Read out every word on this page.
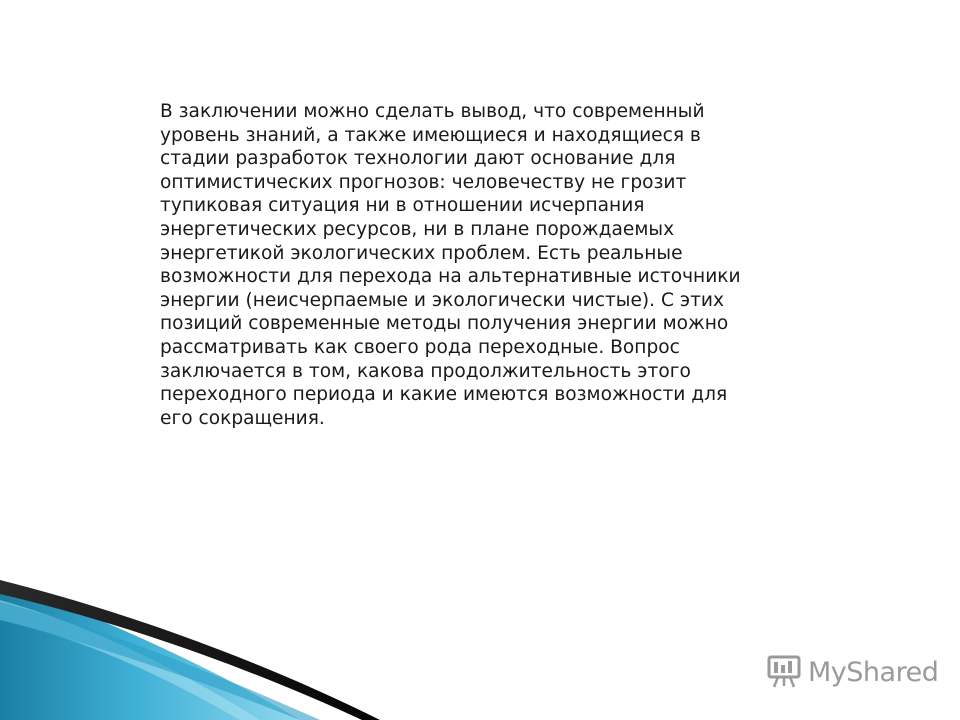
В заключении можно сделать вывод, что современный
уровень знаний, а также имеющиеся и находящиеся в
стадии разработок технологии дают основание для
оптимистических прогнозов: человечеству не грозит
тупиковая ситуация ни в отношении исчерпания
энергетических ресурсов, ни в плане порождаемых
энергетикой экологических проблем. Есть реальные
возможности для перехода на альтернативные источники
энергии (неисчерпаемые и экологически чистые). С этих
позиций современные методы получения энергии можно
рассматривать как своего рода переходные. Вопрос
заключается в том, какова продолжительность этого
переходного периода и какие имеются возможности для
его сокращения.

MyShared
